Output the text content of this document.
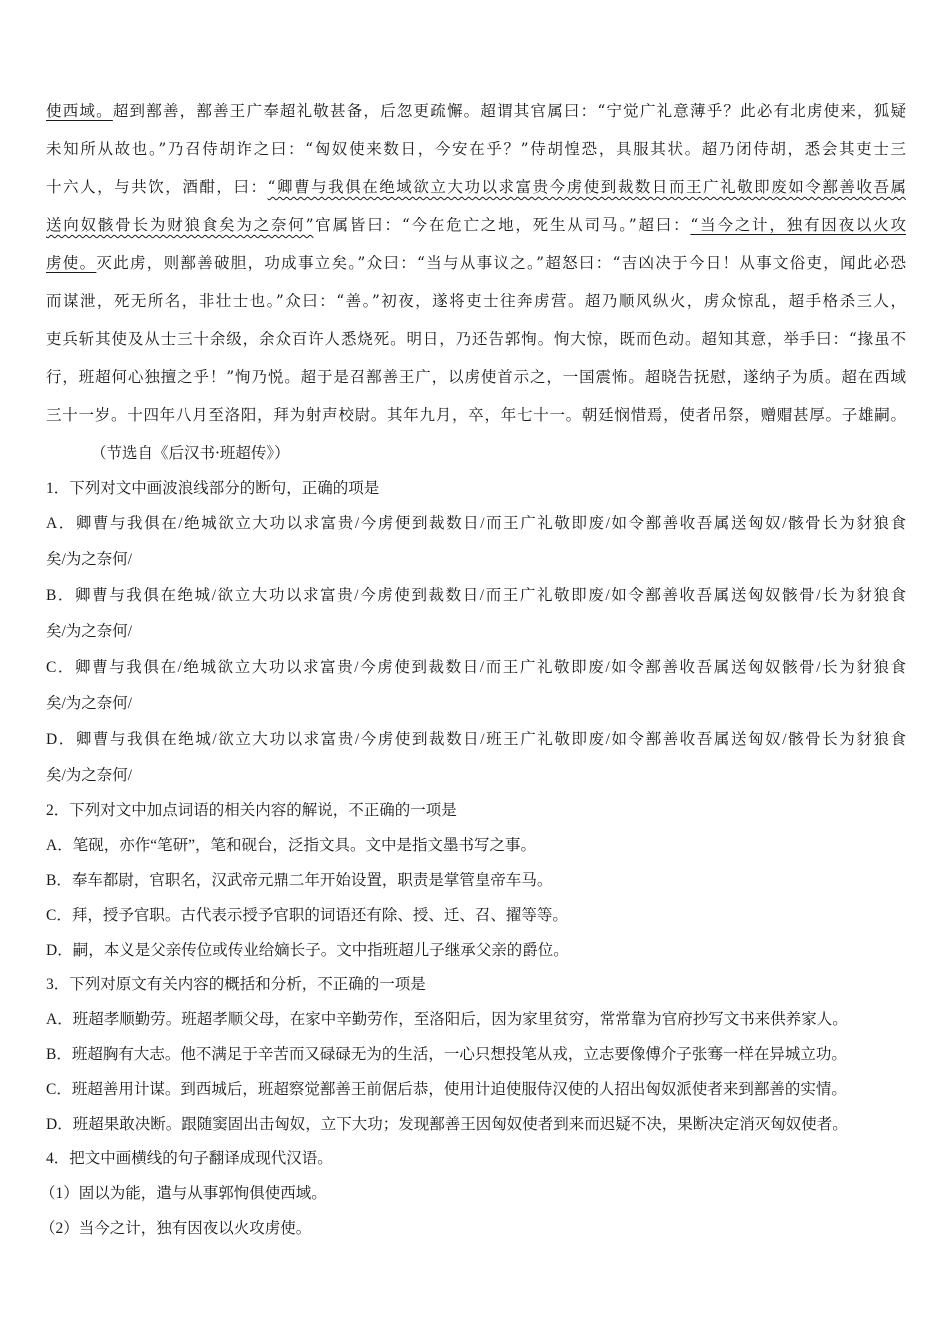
使西域。超到鄯善，鄯善王广奉超礼敬甚备，后忽更疏懈。超谓其官属曰：“宁觉广礼意薄乎？此必有北虏使来，狐疑
未知所从故也。”乃召侍胡诈之曰：“匈奴使来数日，今安在乎？”侍胡惶恐，具服其状。超乃闭侍胡，悉会其吏士三
十六人，与共饮，酒酣，曰：“卿曹与我俱在绝域欲立大功以求富贵今虏使到裁数日而王广礼敬即废如令鄯善收吾属
送向奴骸骨长为财狼食矣为之奈何”官属皆曰：“今在危亡之地，死生从司马。”超曰：“当今之计，独有因夜以火攻
虏使。灭此虏，则鄯善破胆，功成事立矣。”众曰：“当与从事议之。”超怒曰：“吉凶决于今日！从事文俗吏，闻此必恐
而谋泄，死无所名，非壮士也。”众曰：“善。”初夜，遂将吏士往奔虏营。超乃顺风纵火，虏众惊乱，超手格杀三人，
吏兵斩其使及从士三十余级，余众百许人悉烧死。明日，乃还告郭恂。恂大惊，既而色动。超知其意，举手曰：“掾虽不
行，班超何心独擅之乎！”恂乃悦。超于是召鄯善王广，以虏使首示之，一国震怖。超晓告抚慰，遂纳子为质。超在西域
三十一岁。十四年八月至洛阳，拜为射声校尉。其年九月，卒，年七十一。朝廷悯惜焉，使者吊祭，赠赗甚厚。子雄嗣。
（节选自《后汉书·班超传》）
1．下列对文中画波浪线部分的断句，正确的项是
A．卿曹与我俱在/绝城欲立大功以求富贵/今虏便到裁数日/而王广礼敬即废/如令鄯善收吾属送匈奴/骸骨长为豺狼食
矣/为之奈何/
B．卿曹与我俱在绝城/欲立大功以求富贵/今虏使到裁数日/而王广礼敬即废/如令鄯善收吾属送匈奴骸骨/长为豺狼食
矣/为之奈何/
C．卿曹与我俱在/绝城欲立大功以求富贵/今虏使到裁数日/而王广礼敬即废/如令鄯善收吾属送匈奴骸骨/长为豺狼食
矣/为之奈何/
D．卿曹与我俱在绝城/欲立大功以求富贵/今虏使到裁数日/班王广礼敬即废/如令鄯善收吾属送匈奴/骸骨长为豺狼食
矣/为之奈何/
2．下列对文中加点词语的相关内容的解说，不正确的一项是
A．笔砚，亦作“笔研”，笔和砚台，泛指文具。文中是指文墨书写之事。
B．奉车都尉，官职名，汉武帝元鼎二年开始设置，职责是掌管皇帝车马。
C．拜，授予官职。古代表示授予官职的词语还有除、授、迁、召、擢等等。
D．嗣，本义是父亲传位或传业给嫡长子。文中指班超儿子继承父亲的爵位。
3．下列对原文有关内容的概括和分析，不正确的一项是
A．班超孝顺勤劳。班超孝顺父母，在家中辛勤劳作，至洛阳后，因为家里贫穷，常常靠为官府抄写文书来供养家人。
B．班超胸有大志。他不满足于辛苦而又碌碌无为的生活，一心只想投笔从戎，立志要像傅介子张骞一样在异城立功。
C．班超善用计谋。到西城后，班超察觉鄯善王前倨后恭，使用计迫使服侍汉使的人招出匈奴派使者来到鄯善的实情。
D．班超果敢决断。跟随窦固出击匈奴，立下大功；发现鄯善王因匈奴使者到来而迟疑不决，果断决定消灭匈奴使者。
4．把文中画横线的句子翻译成现代汉语。
（1）固以为能，遣与从事郭恂俱使西域。
（2）当今之计，独有因夜以火攻虏使。
